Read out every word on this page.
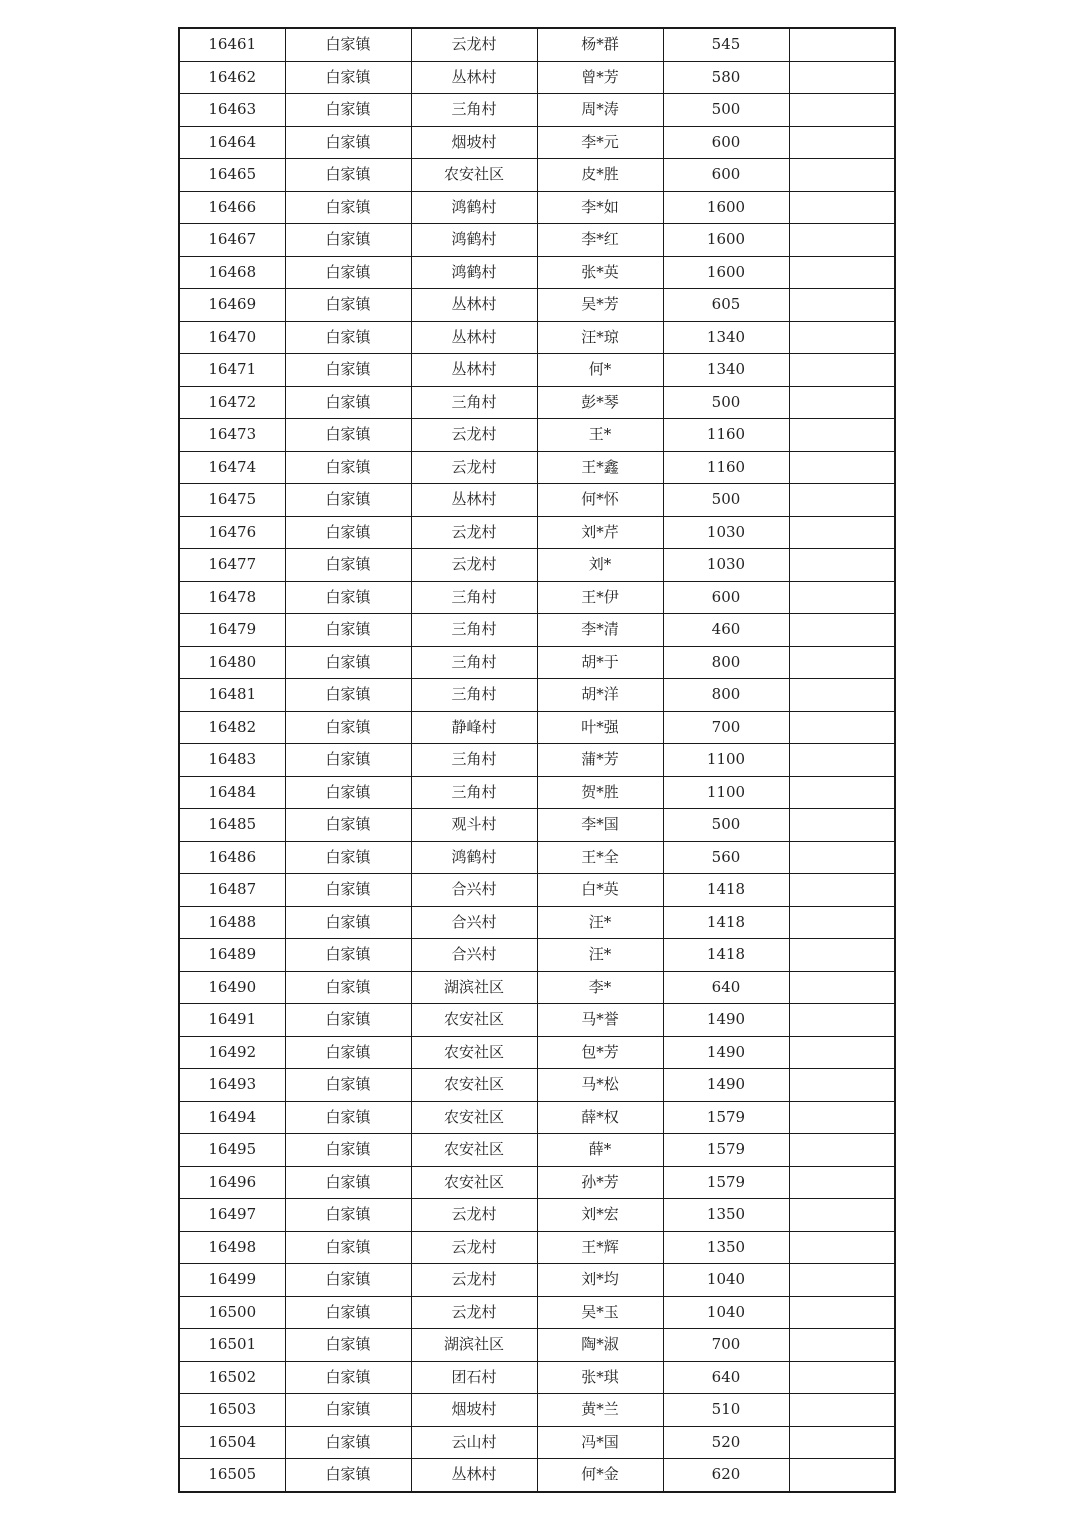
16461	白家镇	云龙村	杨*群	545	
16462	白家镇	丛林村	曾*芳	580	
16463	白家镇	三角村	周*涛	500	
16464	白家镇	烟坡村	李*元	600	
16465	白家镇	农安社区	皮*胜	600	
16466	白家镇	鸿鹤村	李*如	1600	
16467	白家镇	鸿鹤村	李*红	1600	
16468	白家镇	鸿鹤村	张*英	1600	
16469	白家镇	丛林村	吴*芳	605	
16470	白家镇	丛林村	汪*琼	1340	
16471	白家镇	丛林村	何*	1340	
16472	白家镇	三角村	彭*琴	500	
16473	白家镇	云龙村	王*	1160	
16474	白家镇	云龙村	王*鑫	1160	
16475	白家镇	丛林村	何*怀	500	
16476	白家镇	云龙村	刘*芹	1030	
16477	白家镇	云龙村	刘*	1030	
16478	白家镇	三角村	王*伊	600	
16479	白家镇	三角村	李*清	460	
16480	白家镇	三角村	胡*于	800	
16481	白家镇	三角村	胡*洋	800	
16482	白家镇	静峰村	叶*强	700	
16483	白家镇	三角村	蒲*芳	1100	
16484	白家镇	三角村	贺*胜	1100	
16485	白家镇	观斗村	李*国	500	
16486	白家镇	鸿鹤村	王*全	560	
16487	白家镇	合兴村	白*英	1418	
16488	白家镇	合兴村	汪*	1418	
16489	白家镇	合兴村	汪*	1418	
16490	白家镇	湖滨社区	李*	640	
16491	白家镇	农安社区	马*誉	1490	
16492	白家镇	农安社区	包*芳	1490	
16493	白家镇	农安社区	马*松	1490	
16494	白家镇	农安社区	薛*权	1579	
16495	白家镇	农安社区	薛*	1579	
16496	白家镇	农安社区	孙*芳	1579	
16497	白家镇	云龙村	刘*宏	1350	
16498	白家镇	云龙村	王*辉	1350	
16499	白家镇	云龙村	刘*均	1040	
16500	白家镇	云龙村	吴*玉	1040	
16501	白家镇	湖滨社区	陶*淑	700	
16502	白家镇	团石村	张*琪	640	
16503	白家镇	烟坡村	黄*兰	510	
16504	白家镇	云山村	冯*国	520	
16505	白家镇	丛林村	何*金	620	
